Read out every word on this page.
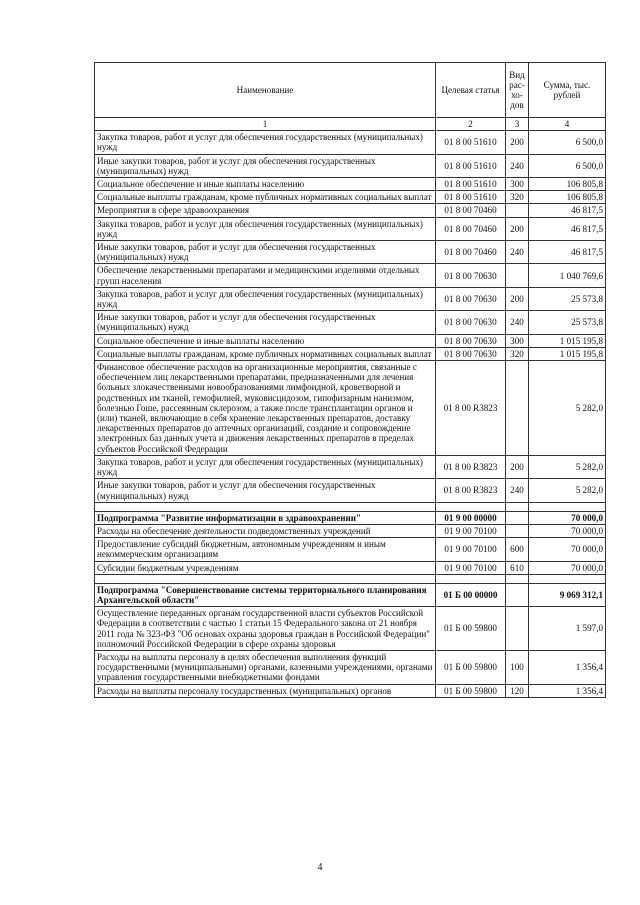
Наименование	Целевая статья	Вид рас-хо-дов	Сумма, тыс. рублей
1	2	3	4
Закупка товаров, работ и услуг для обеспечения государственных (муниципальных) нужд	01 8 00 51610	200	6 500,0
Иные закупки товаров, работ и услуг для обеспечения государственных (муниципальных) нужд	01 8 00 51610	240	6 500,0
Социальное обеспечение и иные выплаты населению	01 8 00 51610	300	106 805,8
Социальные выплаты гражданам, кроме публичных нормативных социальных выплат	01 8 00 51610	320	106 805,8
Мероприятия в сфере здравоохранения	01 8 00 70460		46 817,5
Закупка товаров, работ и услуг для обеспечения государственных (муниципальных) нужд	01 8 00 70460	200	46 817,5
Иные закупки товаров, работ и услуг для обеспечения государственных (муниципальных) нужд	01 8 00 70460	240	46 817,5
Обеспечение лекарственными препаратами и медицинскими изделиями отдельных групп населения	01 8 00 70630		1 040 769,6
Закупка товаров, работ и услуг для обеспечения государственных (муниципальных) нужд	01 8 00 70630	200	25 573,8
Иные закупки товаров, работ и услуг для обеспечения государственных (муниципальных) нужд	01 8 00 70630	240	25 573,8
Социальное обеспечение и иные выплаты населению	01 8 00 70630	300	1 015 195,8
Социальные выплаты гражданам, кроме публичных нормативных социальных выплат	01 8 00 70630	320	1 015 195,8
Финансовое обеспечение расходов на организационные мероприятия, связанные с обеспечением лиц лекарственными препаратами, предназначенными для лечения больных злокачественными новообразованиями лимфоидной, кроветворной и родственных им тканей, гемофилией, муковисцидозом, гипофизарным нанизмом, болезнью Гоше, рассеянным склерозом, а также после трансплантации органов и (или) тканей, включающие в себя хранение лекарственных препаратов, доставку лекарственных препаратов до аптечных организаций, создание и сопровождение электронных баз данных учета и движения лекарственных препаратов в пределах субъектов Российской Федерации	01 8 00 R3823		5 282,0
Закупка товаров, работ и услуг для обеспечения государственных (муниципальных) нужд	01 8 00 R3823	200	5 282,0
Иные закупки товаров, работ и услуг для обеспечения государственных (муниципальных) нужд	01 8 00 R3823	240	5 282,0

Подпрограмма "Развитие информатизации в здравоохранении"	01 9 00 00000		70 000,0
Расходы на обеспечение деятельности подведомственных учреждений	01 9 00 70100		70 000,0
Предоставление субсидий бюджетным, автономным учреждениям и иным некоммерческим организациям	01 9 00 70100	600	70 000,0
Субсидии бюджетным учреждениям	01 9 00 70100	610	70 000,0

Подпрограмма "Совершенствование системы территориального планирования Архангельской области"	01 Б 00 00000		9 069 312,1
Осуществление переданных органам государственной власти субъектов Российской Федерации в соответствии с частью 1 статьи 15 Федерального закона от 21 ноября 2011 года № 323-ФЗ "Об основах охраны здоровья граждан в Российской Федерации" полномочий Российской Федерации в сфере охраны здоровья	01 Б 00 59800		1 597,0
Расходы на выплаты персоналу в целях обеспечения выполнения функций государственными (муниципальными) органами, казенными учреждениями, органами управления государственными внебюджетными фондами	01 Б 00 59800	100	1 356,4
Расходы на выплаты персоналу государственных (муниципальных) органов	01 Б 00 59800	120	1 356,4
4
